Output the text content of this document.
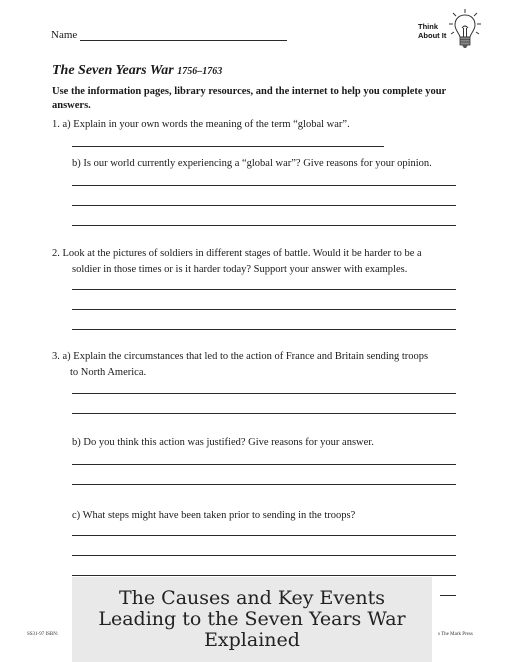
Name
Think
About It
The Seven Years War 1756–1763
Use the information pages, library resources, and the internet to help you complete your answers.
1. a) Explain in your own words the meaning of the term “global war”.
b) Is our world currently experiencing a “global war”? Give reasons for your opinion.
2. Look at the pictures of soldiers in different stages of battle. Would it be harder to be a
soldier in those times or is it harder today? Support your answer with examples.
3. a) Explain the circumstances that led to the action of France and Britain sending troops
to North America.
b) Do you think this action was justified? Give reasons for your answer.
c) What steps might have been taken prior to sending in the troops?
SS31-97 ISBN:	s The Mark Press
The Causes and Key Events Leading to the Seven Years War Explained
